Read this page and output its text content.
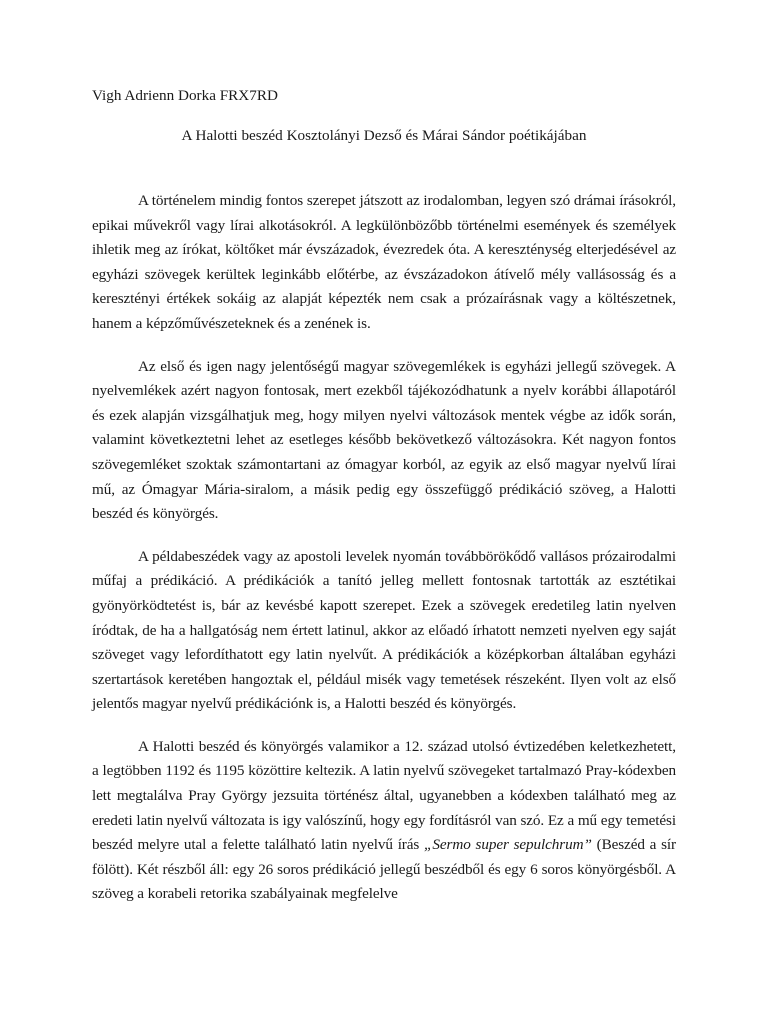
Vigh Adrienn Dorka FRX7RD

A Halotti beszéd Kosztolányi Dezső és Márai Sándor poétikájában

A történelem mindig fontos szerepet játszott az irodalomban, legyen szó drámai írásokról, epikai művekről vagy lírai alkotásokról. A legkülönbözőbb történelmi események és személyek ihletik meg az írókat, költőket már évszázadok, évezredek óta. A kereszténység elterjedésével az egyházi szövegek kerültek leginkább előtérbe, az évszázadokon átívelő mély vallásosság és a keresztényi értékek sokáig az alapját képezték nem csak a prózaírásnak vagy a költészetnek, hanem a képzőművészeteknek és a zenének is.

Az első és igen nagy jelentőségű magyar szövegemlékek is egyházi jellegű szövegek. A nyelvemlékek azért nagyon fontosak, mert ezekből tájékozódhatunk a nyelv korábbi állapotáról és ezek alapján vizsgálhatjuk meg, hogy milyen nyelvi változások mentek végbe az idők során, valamint következtetni lehet az esetleges később bekövetkező változásokra. Két nagyon fontos szövegemléket szoktak számontartani az ómagyar korból, az egyik az első magyar nyelvű lírai mű, az Ómagyar Mária-siralom, a másik pedig egy összefüggő prédikáció szöveg, a Halotti beszéd és könyörgés.

A példabeszédek vagy az apostoli levelek nyomán továbbörökődő vallásos prózairodalmi műfaj a prédikáció. A prédikációk a tanító jelleg mellett fontosnak tartották az esztétikai gyönyörködtetést is, bár az kevésbé kapott szerepet. Ezek a szövegek eredetileg latin nyelven íródtak, de ha a hallgatóság nem értett latinul, akkor az előadó írhatott nemzeti nyelven egy saját szöveget vagy lefordíthatott egy latin nyelvűt. A prédikációk a középkorban általában egyházi szertartások keretében hangoztak el, például misék vagy temetések részeként. Ilyen volt az első jelentős magyar nyelvű prédikációnk is, a Halotti beszéd és könyörgés.

A Halotti beszéd és könyörgés valamikor a 12. század utolsó évtizedében keletkezhetett, a legtöbben 1192 és 1195 közöttire keltezik. A latin nyelvű szövegeket tartalmazó Pray-kódexben lett megtalálva Pray György jezsuita történész által, ugyanebben a kódexben található meg az eredeti latin nyelvű változata is igy valószínű, hogy egy fordításról van szó. Ez a mű egy temetési beszéd melyre utal a felette található latin nyelvű írás „Sermo super sepulchrum” (Beszéd a sír fölött). Két részből áll: egy 26 soros prédikáció jellegű beszédből és egy 6 soros könyörgésből. A szöveg a korabeli retorika szabályainak megfelelve
